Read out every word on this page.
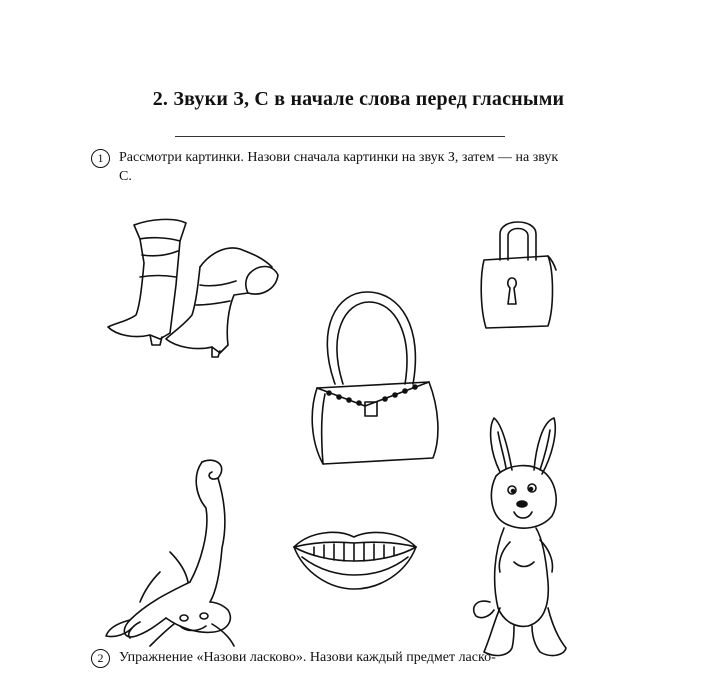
2. Звуки З, С в начале слова перед гласными
1	Рассмотри картинки. Назови сначала картинки на звук З, затем — на звук С.
2	Упражнение «Назови ласково». Назови каждый предмет ласко-
